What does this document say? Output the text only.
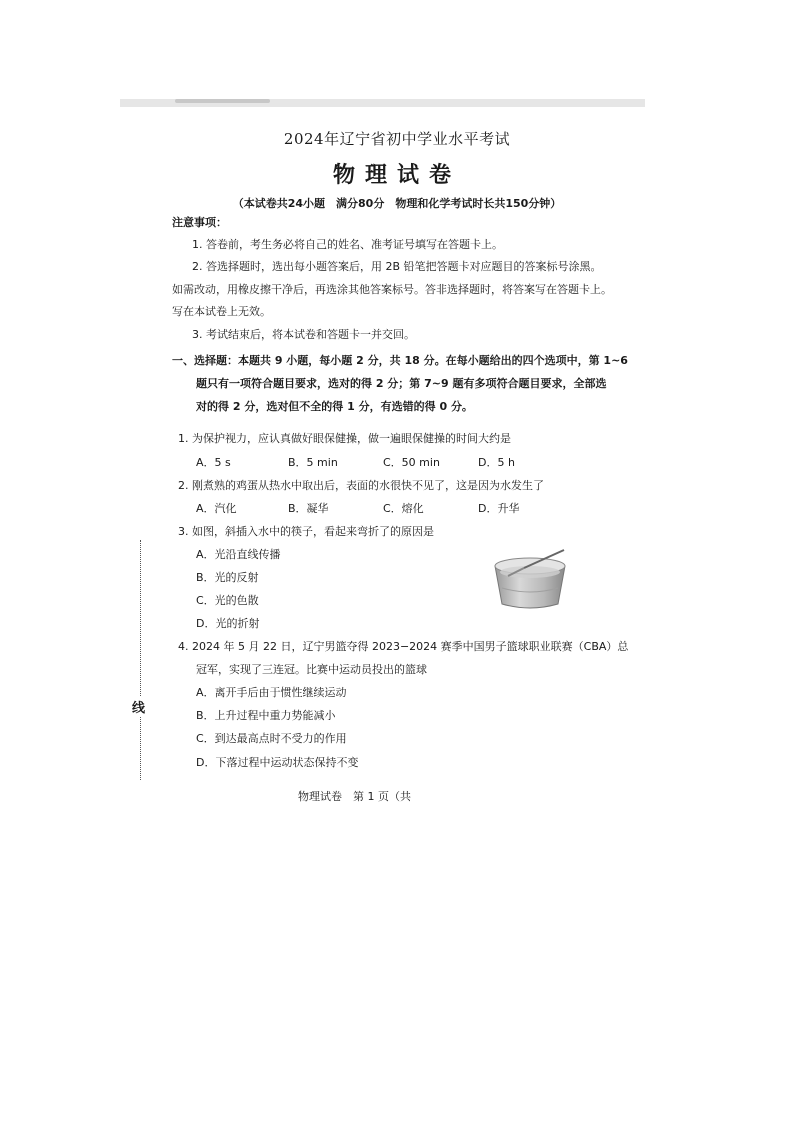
2024年辽宁省初中学业水平考试
物理试卷
（本试卷共24小题　满分80分　物理和化学考试时长共150分钟）
注意事项：
1. 答卷前，考生务必将自己的姓名、准考证号填写在答题卡上。
2. 答选择题时，选出每小题答案后，用 2B 铅笔把答题卡对应题目的答案标号涂黑。
如需改动，用橡皮擦干净后，再选涂其他答案标号。答非选择题时，将答案写在答题卡上。
写在本试卷上无效。
3. 考试结束后，将本试卷和答题卡一并交回。
一、选择题：本题共 9 小题，每小题 2 分，共 18 分。在每小题给出的四个选项中，第 1~6
题只有一项符合题目要求，选对的得 2 分；第 7~9 题有多项符合题目要求，全部选
对的得 2 分，选对但不全的得 1 分，有选错的得 0 分。
1. 为保护视力，应认真做好眼保健操，做一遍眼保健操的时间大约是
A．5 s	B．5 min	C．50 min	D．5 h
2. 刚煮熟的鸡蛋从热水中取出后，表面的水很快不见了，这是因为水发生了
A．汽化	B．凝华	C．熔化	D．升华
3. 如图，斜插入水中的筷子，看起来弯折了的原因是
A．光沿直线传播
B．光的反射
C．光的色散
D．光的折射
4. 2024 年 5 月 22 日，辽宁男篮夺得 2023−2024 赛季中国男子篮球职业联赛（CBA）总
冠军，实现了三连冠。比赛中运动员投出的篮球
A．离开手后由于惯性继续运动
B．上升过程中重力势能减小
C．到达最高点时不受力的作用
D．下落过程中运动状态保持不变
线
物理试卷　第 1 页（共
